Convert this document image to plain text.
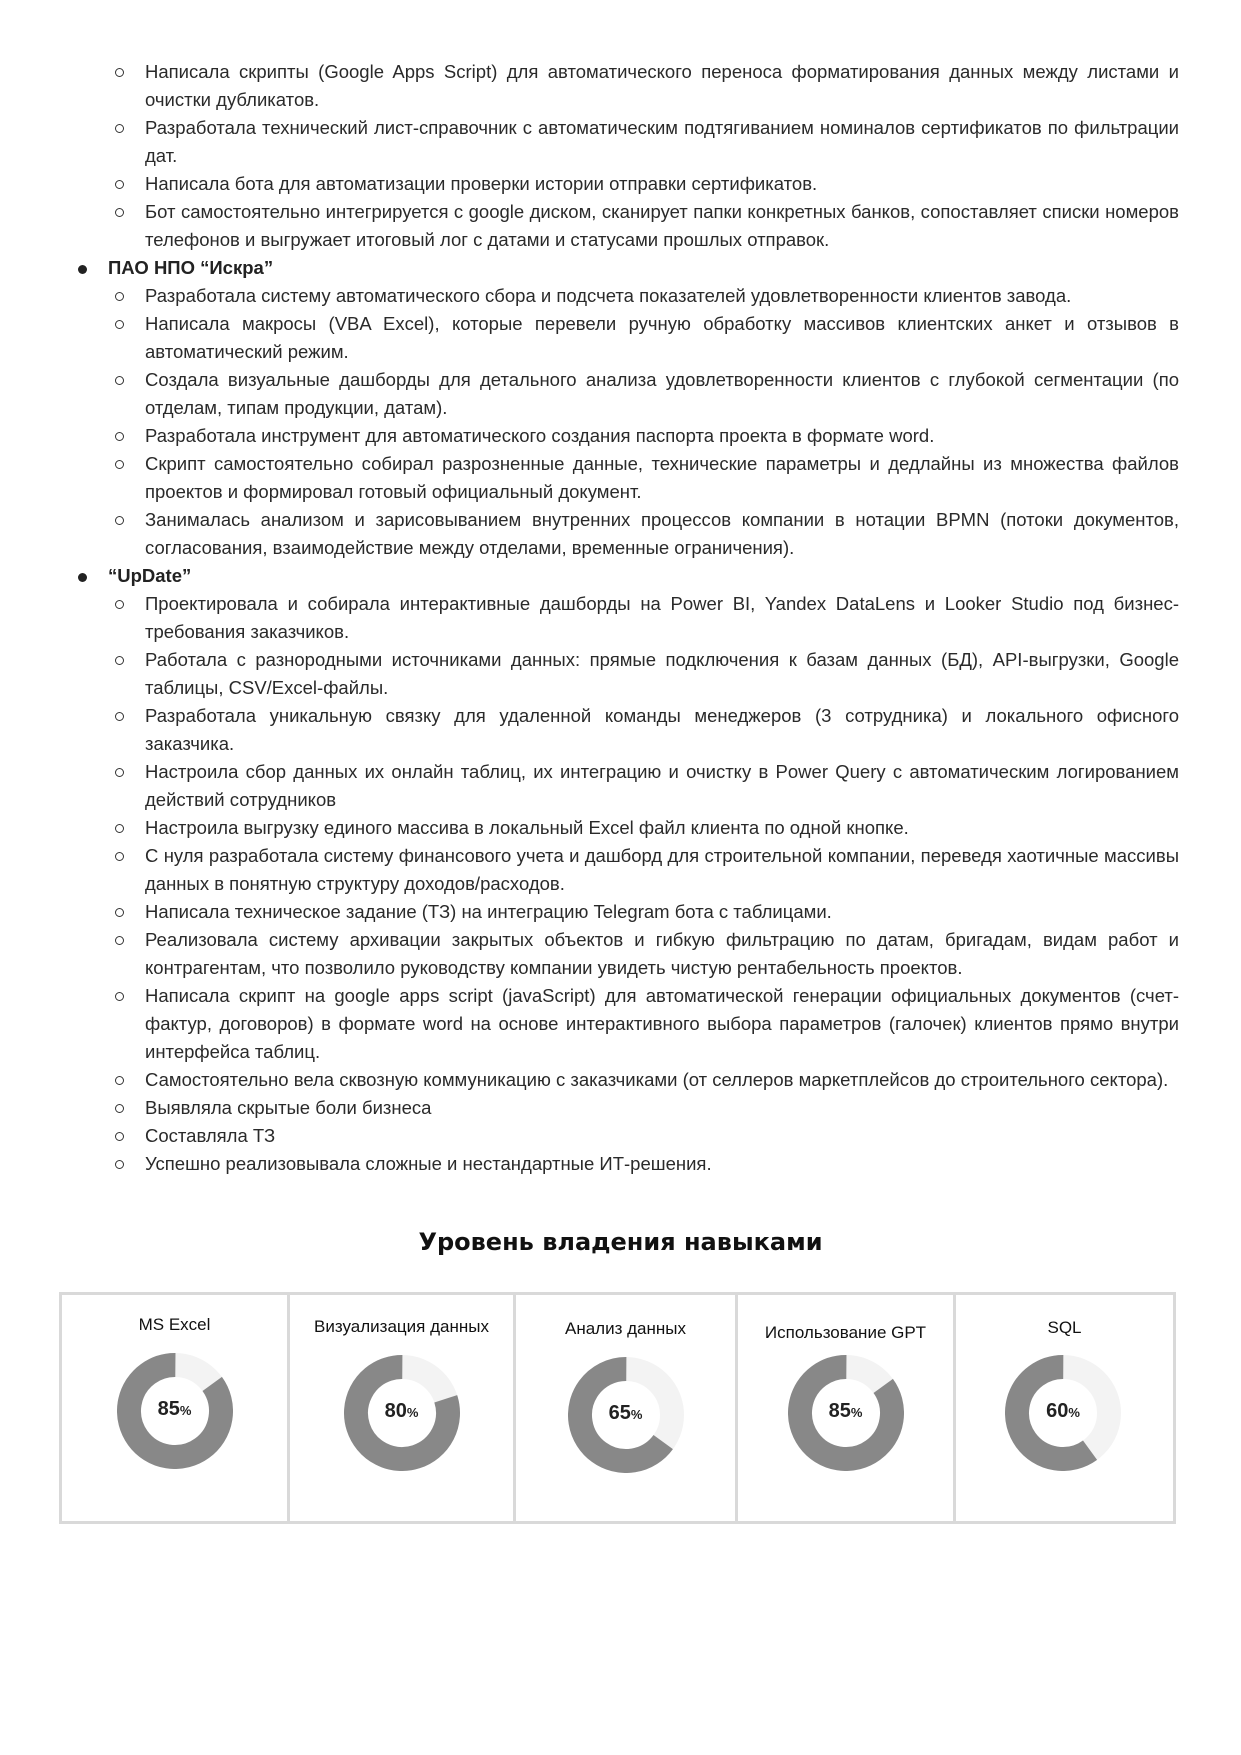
Написала скрипты (Google Apps Script) для автоматического переноса форматирования данных между листами и очистки дубликатов.
Разработала технический лист-справочник с автоматическим подтягиванием номиналов сертификатов по фильтрации дат.
Написала бота для автоматизации проверки истории отправки сертификатов.
Бот самостоятельно интегрируется с google диском, сканирует папки конкретных банков, сопоставляет списки номеров телефонов и выгружает итоговый лог с датами и статусами прошлых отправок.
ПАО НПО “Искра”
Разработала систему автоматического сбора и подсчета показателей удовлетворенности клиентов завода.
Написала макросы (VBA Excel), которые перевели ручную обработку массивов клиентских анкет и отзывов в автоматический режим.
Создала визуальные дашборды для детального анализа удовлетворенности клиентов с глубокой сегментации (по отделам, типам продукции, датам).
Разработала инструмент для автоматического создания паспорта проекта в формате word.
Скрипт самостоятельно собирал разрозненные данные, технические параметры и дедлайны из множества файлов проектов и формировал готовый официальный документ.
Занималась анализом и зарисовыванием внутренних процессов компании в нотации BPMN (потоки документов, согласования, взаимодействие между отделами, временные ограничения).
“UpDate”
Проектировала и собирала интерактивные дашборды на Power BI, Yandex DataLens и Looker Studio под бизнес-требования заказчиков.
Работала с разнородными источниками данных: прямые подключения к базам данных (БД), API-выгрузки, Google таблицы, CSV/Excel-файлы.
Разработала уникальную связку для удаленной команды менеджеров (3 сотрудника) и локального офисного заказчика.
Настроила сбор данных их онлайн таблиц, их интеграцию и очистку в Power Query с автоматическим логированием действий сотрудников
Настроила выгрузку единого массива в локальный Excel файл клиента по одной кнопке.
С нуля разработала систему финансового учета и дашборд для строительной компании, переведя хаотичные массивы данных в понятную структуру доходов/расходов.
Написала техническое задание (ТЗ) на интеграцию Telegram бота с таблицами.
Реализовала систему архивации закрытых объектов и гибкую фильтрацию по датам, бригадам, видам работ и контрагентам, что позволило руководству компании увидеть чистую рентабельность проектов.
Написала скрипт на google apps script (javaScript) для автоматической генерации официальных документов (счет-фактур, договоров) в формате word на основе интерактивного выбора параметров (галочек) клиентов прямо внутри интерфейса таблиц.
Самостоятельно вела сквозную коммуникацию с заказчиками (от селлеров маркетплейсов до строительного сектора).
Выявляла скрытые боли бизнеса
Составляла ТЗ
Успешно реализовывала сложные и нестандартные ИТ-решения.
Уровень владения навыками
MS Excel
85%
Визуализация данных
80%
Анализ данных
65%
Использование GPT
85%
SQL
60%
